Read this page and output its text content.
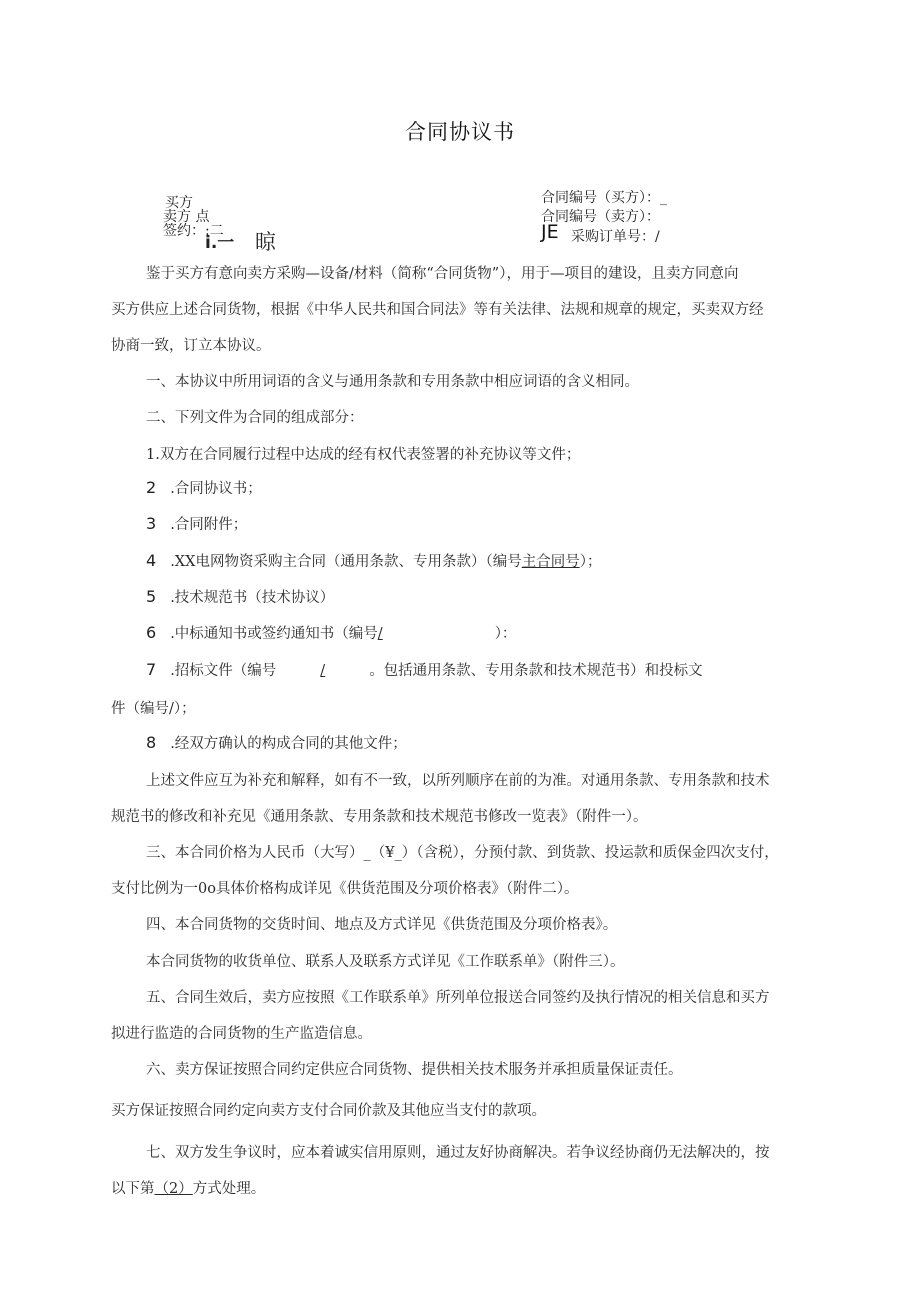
合同协议书
买方
卖方 点
签约：:二
ⅰ.一 晾
合同编号（买方）：_
合同编号（卖方）：
JE 采购订单号：/
鉴于买方有意向卖方采购—设备/材料（简称“合同货物”），用于—项目的建设，且卖方同意向
买方供应上述合同货物，根据《中华人民共和国合同法》等有关法律、法规和规章的规定，买卖双方经
协商一致，订立本协议。
一、本协议中所用词语的含义与通用条款和专用条款中相应词语的含义相同。
二、下列文件为合同的组成部分：
1.双方在合同履行过程中达成的经有权代表签署的补充协议等文件；
2 .合同协议书；
3 .合同附件；
4 .XX电网物资采购主合同（通用条款、专用条款）（编号主合同号）；
5 .技术规范书（技术协议）
6 .中标通知书或签约通知书（编号/	）：
7 .招标文件（编号	/	。包括通用条款、专用条款和技术规范书）和投标文
件（编号/）；
8 .经双方确认的构成合同的其他文件；
上述文件应互为补充和解释，如有不一致，以所列顺序在前的为准。对通用条款、专用条款和技术
规范书的修改和补充见《通用条款、专用条款和技术规范书修改一览表》（附件一）。
三、本合同价格为人民币（大写）_（¥_）（含税），分预付款、到货款、投运款和质保金四次支付，
支付比例为一0o具体价格构成详见《供货范围及分项价格表》（附件二）。
四、本合同货物的交货时间、地点及方式详见《供货范围及分项价格表》。
本合同货物的收货单位、联系人及联系方式详见《工作联系单》（附件三）。
五、合同生效后，卖方应按照《工作联系单》所列单位报送合同签约及执行情况的相关信息和买方
拟进行监造的合同货物的生产监造信息。
六、卖方保证按照合同约定供应合同货物、提供相关技术服务并承担质量保证责任。
买方保证按照合同约定向卖方支付合同价款及其他应当支付的款项。
七、双方发生争议时，应本着诚实信用原则，通过友好协商解决。若争议经协商仍无法解决的，按
以下第（2）方式处理。
